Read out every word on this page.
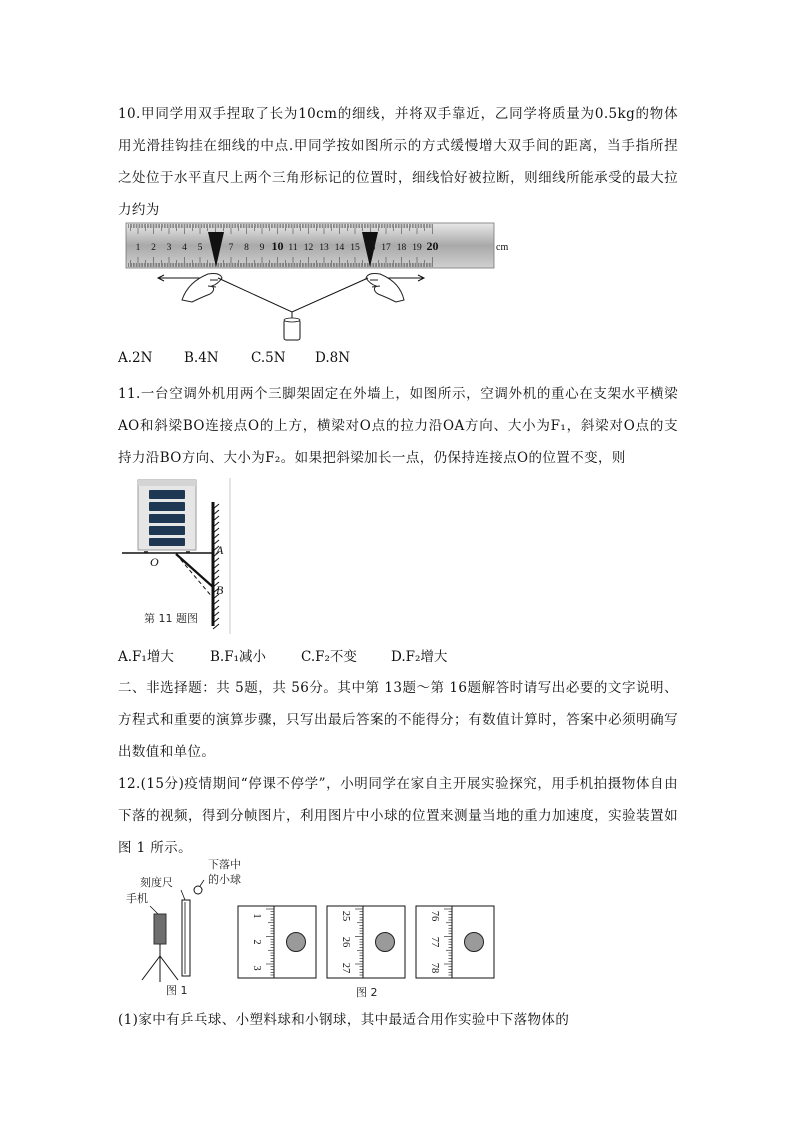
10.甲同学用双手捏取了长为10cm的细线，并将双手靠近，乙同学将质量为0.5kg的物体用光滑挂钩挂在细线的中点.甲同学按如图所示的方式缓慢增大双手间的距离，当手指所捏之处位于水平直尺上两个三角形标记的位置时，细线恰好被拉断，则细线所能承受的最大拉力约为

1 2 3 4 5	7 8 9 10 11 12 13 14 15 17 18 19 20	cm
A.2N B.4N C.5N D.8N

11.一台空调外机用两个三脚架固定在外墙上，如图所示，空调外机的重心在支架水平横梁AO和斜梁BO连接点O的上方，横梁对O点的拉力沿OA方向、大小为F₁，斜梁对O点的支持力沿BO方向、大小为F₂。如果把斜梁加长一点，仍保持连接点O的位置不变，则

A
O
B
第 11 题图
A.F₁增大	B.F₁减小	C.F₂不变	D.F₂增大

二、非选择题：共 5题，共 56分。其中第 13题～第 16题解答时请写出必要的文字说明、方程式和重要的演算步骤，只写出最后答案的不能得分；有数值计算时，答案中必须明确写出数值和单位。

12.(15分)疫情期间“停课不停学”，小明同学在家自主开展实验探究，用手机拍摄物体自由下落的视频，得到分帧图片，利用图片中小球的位置来测量当地的重力加速度，实验装置如图 1 所示。

下落中
的小球
刻度尺
手机
图 1
1
2
3
25
26
27
76
77
78
图 2

(1)家中有乒乓球、小塑料球和小钢球，其中最适合用作实验中下落物体的
